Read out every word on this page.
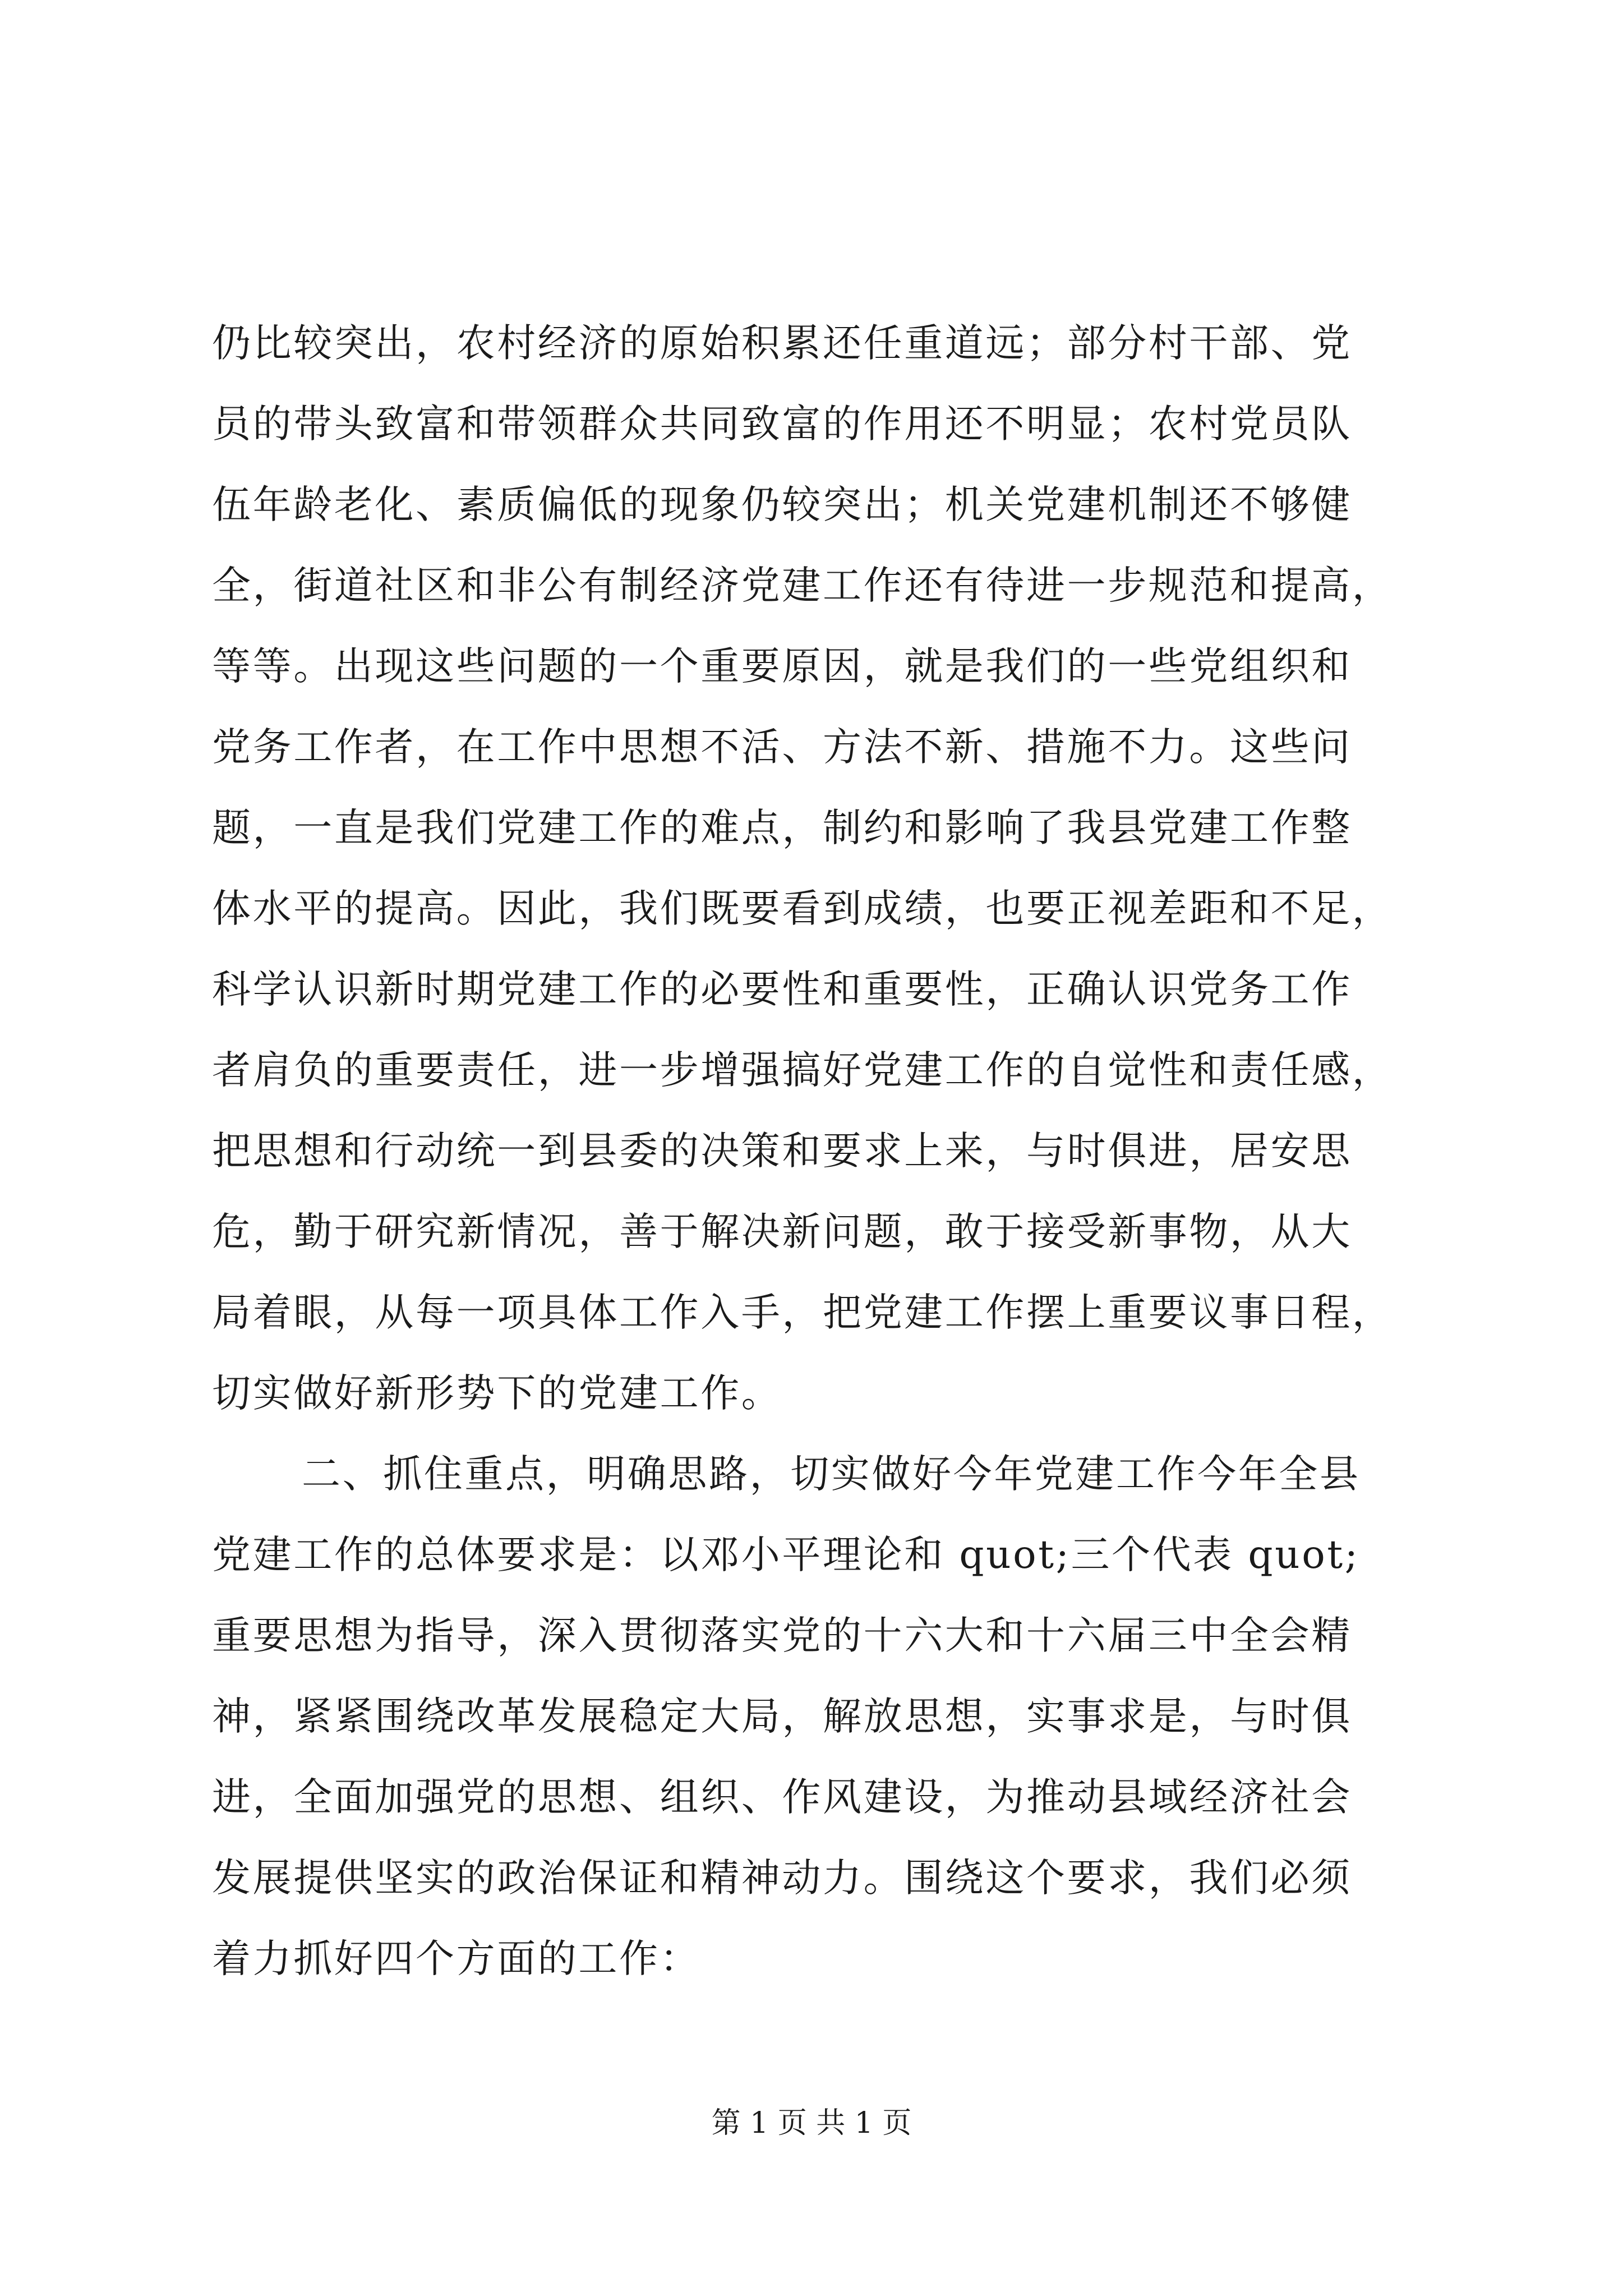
仍比较突出，农村经济的原始积累还任重道远；部分村干部、党
员的带头致富和带领群众共同致富的作用还不明显；农村党员队
伍年龄老化、素质偏低的现象仍较突出；机关党建机制还不够健
全，街道社区和非公有制经济党建工作还有待进一步规范和提高，
等等。出现这些问题的一个重要原因，就是我们的一些党组织和
党务工作者，在工作中思想不活、方法不新、措施不力。这些问
题，一直是我们党建工作的难点，制约和影响了我县党建工作整
体水平的提高。因此，我们既要看到成绩，也要正视差距和不足，
科学认识新时期党建工作的必要性和重要性，正确认识党务工作
者肩负的重要责任，进一步增强搞好党建工作的自觉性和责任感，
把思想和行动统一到县委的决策和要求上来，与时俱进，居安思
危，勤于研究新情况，善于解决新问题，敢于接受新事物，从大
局着眼，从每一项具体工作入手，把党建工作摆上重要议事日程，
切实做好新形势下的党建工作。
二、抓住重点，明确思路，切实做好今年党建工作今年全县
党建工作的总体要求是：以邓小平理论和 quot;三个代表 quot;
重要思想为指导，深入贯彻落实党的十六大和十六届三中全会精
神，紧紧围绕改革发展稳定大局，解放思想，实事求是，与时俱
进，全面加强党的思想、组织、作风建设，为推动县域经济社会
发展提供坚实的政治保证和精神动力。围绕这个要求，我们必须
着力抓好四个方面的工作：
第 1 页 共 1 页
